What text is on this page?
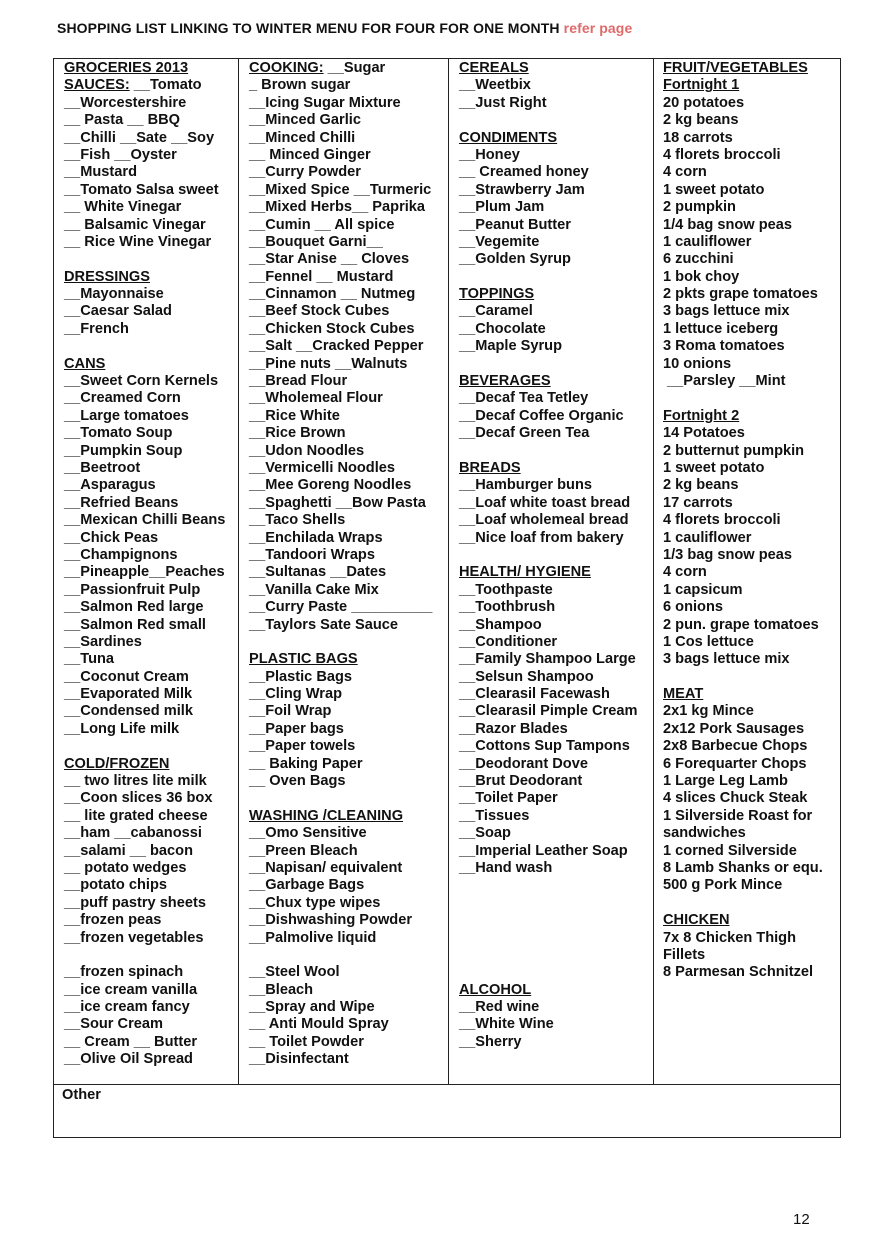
SHOPPING LIST LINKING TO WINTER MENU FOR FOUR FOR ONE MONTH refer page
GROCERIES 2013
SAUCES: __Tomato
__Worcestershire
__ Pasta __ BBQ
__Chilli __Sate __Soy
__Fish __Oyster
__Mustard
__Tomato Salsa sweet
__ White Vinegar
__ Balsamic Vinegar
__ Rice Wine Vinegar
DRESSINGS
__Mayonnaise
__Caesar Salad
__French
CANS
__Sweet Corn Kernels
__Creamed Corn
__Large tomatoes
__Tomato Soup
__Pumpkin Soup
__Beetroot
__Asparagus
__Refried Beans
__Mexican Chilli Beans
__Chick Peas
__Champignons
__Pineapple__Peaches
__Passionfruit Pulp
__Salmon Red large
__Salmon Red small
__Sardines
__Tuna
__Coconut Cream
__Evaporated Milk
__Condensed milk
__Long Life milk
COLD/FROZEN
__ two litres lite milk
__Coon slices 36 box
__ lite grated cheese
__ham __cabanossi
__salami __ bacon
__ potato wedges
__potato chips
__puff pastry sheets
__frozen peas
__frozen vegetables
__frozen spinach
__ice cream vanilla
__ice cream fancy
__Sour Cream
__ Cream __ Butter
__Olive Oil Spread
COOKING: __Sugar
_ Brown sugar
__Icing Sugar Mixture
__Minced Garlic
__Minced Chilli
__ Minced Ginger
__Curry Powder
__Mixed Spice __Turmeric
__Mixed Herbs__ Paprika
__Cumin __ All spice
__Bouquet Garni__
__Star Anise __ Cloves
__Fennel __ Mustard
__Cinnamon __ Nutmeg
__Beef Stock Cubes
__Chicken Stock Cubes
__Salt __Cracked Pepper
__Pine nuts __Walnuts
__Bread Flour
__Wholemeal Flour
__Rice White
__Rice Brown
__Udon Noodles
__Vermicelli Noodles
__Mee Goreng Noodles
__Spaghetti __Bow Pasta
__Taco Shells
__Enchilada Wraps
__Tandoori Wraps
__Sultanas __Dates
__Vanilla Cake Mix
__Curry Paste __________
__Taylors Sate Sauce
PLASTIC BAGS
__Plastic Bags
__Cling Wrap
__Foil Wrap
__Paper bags
__Paper towels
__ Baking Paper
__ Oven Bags
WASHING /CLEANING
__Omo Sensitive
__Preen Bleach
__Napisan/ equivalent
__Garbage Bags
__Chux type wipes
__Dishwashing Powder
__Palmolive liquid
__Steel Wool
__Bleach
__Spray and Wipe
__ Anti Mould Spray
__ Toilet Powder
__Disinfectant
CEREALS
__Weetbix
__Just Right
CONDIMENTS
__Honey
__ Creamed honey
__Strawberry Jam
__Plum Jam
__Peanut Butter
__Vegemite
__Golden Syrup
TOPPINGS
__Caramel
__Chocolate
__Maple Syrup
BEVERAGES
__Decaf Tea Tetley
__Decaf Coffee Organic
__Decaf Green Tea
BREADS
__Hamburger buns
__Loaf white toast bread
__Loaf wholemeal bread
__Nice loaf from bakery
HEALTH/ HYGIENE
__Toothpaste
__Toothbrush
__Shampoo
__Conditioner
__Family Shampoo Large
__Selsun Shampoo
__Clearasil Facewash
__Clearasil Pimple Cream
__Razor Blades
__Cottons Sup Tampons
__Deodorant Dove
__Brut Deodorant
__Toilet Paper
__Tissues
__Soap
__Imperial Leather Soap
__Hand wash
ALCOHOL
__Red wine
__White Wine
__Sherry
FRUIT/VEGETABLES
Fortnight 1
20 potatoes
2 kg beans
18 carrots
4 florets broccoli
4 corn
1 sweet potato
2 pumpkin
1/4 bag snow peas
1 cauliflower
6 zucchini
1 bok choy
2 pkts grape tomatoes
3 bags lettuce mix
1 lettuce iceberg
3 Roma tomatoes
10 onions
__Parsley __Mint
Fortnight 2
14 Potatoes
2 butternut pumpkin
1 sweet potato
2 kg beans
17 carrots
4 florets broccoli
1 cauliflower
1/3 bag snow peas
4 corn
1 capsicum
6 onions
2 pun. grape tomatoes
1 Cos lettuce
3 bags lettuce mix
MEAT
2x1 kg Mince
2x12 Pork Sausages
2x8 Barbecue Chops
6 Forequarter Chops
1 Large Leg Lamb
4 slices Chuck Steak
1 Silverside Roast for
sandwiches
1 corned Silverside
8 Lamb Shanks or equ.
500 g Pork Mince
CHICKEN
7x 8 Chicken Thigh
Fillets
8 Parmesan Schnitzel
Other
12
